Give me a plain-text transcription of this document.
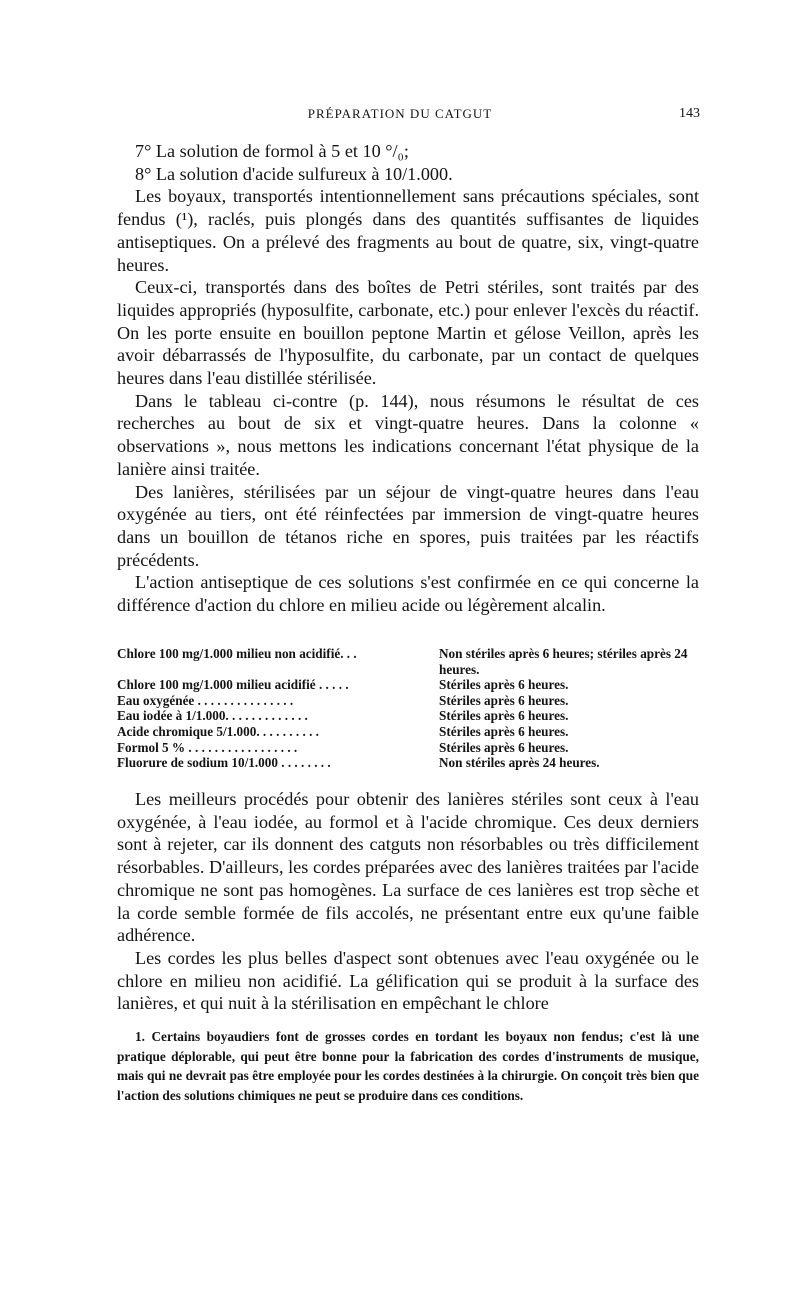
PRÉPARATION DU CATGUT	143

7° La solution de formol à 5 et 10 °/₀;

8° La solution d'acide sulfureux à 10/1.000.

Les boyaux, transportés intentionnellement sans précautions spéciales, sont fendus (¹), raclés, puis plongés dans des quantités suffisantes de liquides antiseptiques. On a prélevé des fragments au bout de quatre, six, vingt-quatre heures.

Ceux-ci, transportés dans des boîtes de Petri stériles, sont traités par des liquides appropriés (hyposulfite, carbonate, etc.) pour enlever l'excès du réactif. On les porte ensuite en bouillon peptone Martin et gélose Veillon, après les avoir débarrassés de l'hyposulfite, du carbonate, par un contact de quelques heures dans l'eau distillée stérilisée.

Dans le tableau ci-contre (p. 144), nous résumons le résultat de ces recherches au bout de six et vingt-quatre heures. Dans la colonne « observations », nous mettons les indications concernant l'état physique de la lanière ainsi traitée.

Des lanières, stérilisées par un séjour de vingt-quatre heures dans l'eau oxygénée au tiers, ont été réinfectées par immersion de vingt-quatre heures dans un bouillon de tétanos riche en spores, puis traitées par les réactifs précédents.

L'action antiseptique de ces solutions s'est confirmée en ce qui concerne la différence d'action du chlore en milieu acide ou légèrement alcalin.

Chlore 100 mg/1.000 milieu non acidifié. . .	Non stériles après 6 heures; stériles après 24 heures.
Chlore 100 mg/1.000 milieu acidifié . . . . .	Stériles après 6 heures.
Eau oxygénée . . . . . . . . . . . . . . .	Stériles après 6 heures.
Eau iodée à 1/1.000. . . . . . . . . . . . .	Stériles après 6 heures.
Acide chromique 5/1.000. . . . . . . . . .	Stériles après 6 heures.
Formol 5 % . . . . . . . . . . . . . . . . .	Stériles après 6 heures.
Fluorure de sodium 10/1.000 . . . . . . . .	Non stériles après 24 heures.

Les meilleurs procédés pour obtenir des lanières stériles sont ceux à l'eau oxygénée, à l'eau iodée, au formol et à l'acide chromique. Ces deux derniers sont à rejeter, car ils donnent des catguts non résorbables ou très difficilement résorbables. D'ailleurs, les cordes préparées avec des lanières traitées par l'acide chromique ne sont pas homogènes. La surface de ces lanières est trop sèche et la corde semble formée de fils accolés, ne présentant entre eux qu'une faible adhérence.

Les cordes les plus belles d'aspect sont obtenues avec l'eau oxygénée ou le chlore en milieu non acidifié. La gélification qui se produit à la surface des lanières, et qui nuit à la stérilisation en empêchant le chlore

1. Certains boyaudiers font de grosses cordes en tordant les boyaux non fendus; c'est là une pratique déplorable, qui peut être bonne pour la fabrication des cordes d'instruments de musique, mais qui ne devrait pas être employée pour les cordes destinées à la chirurgie. On conçoit très bien que l'action des solutions chimiques ne peut se produire dans ces conditions.
